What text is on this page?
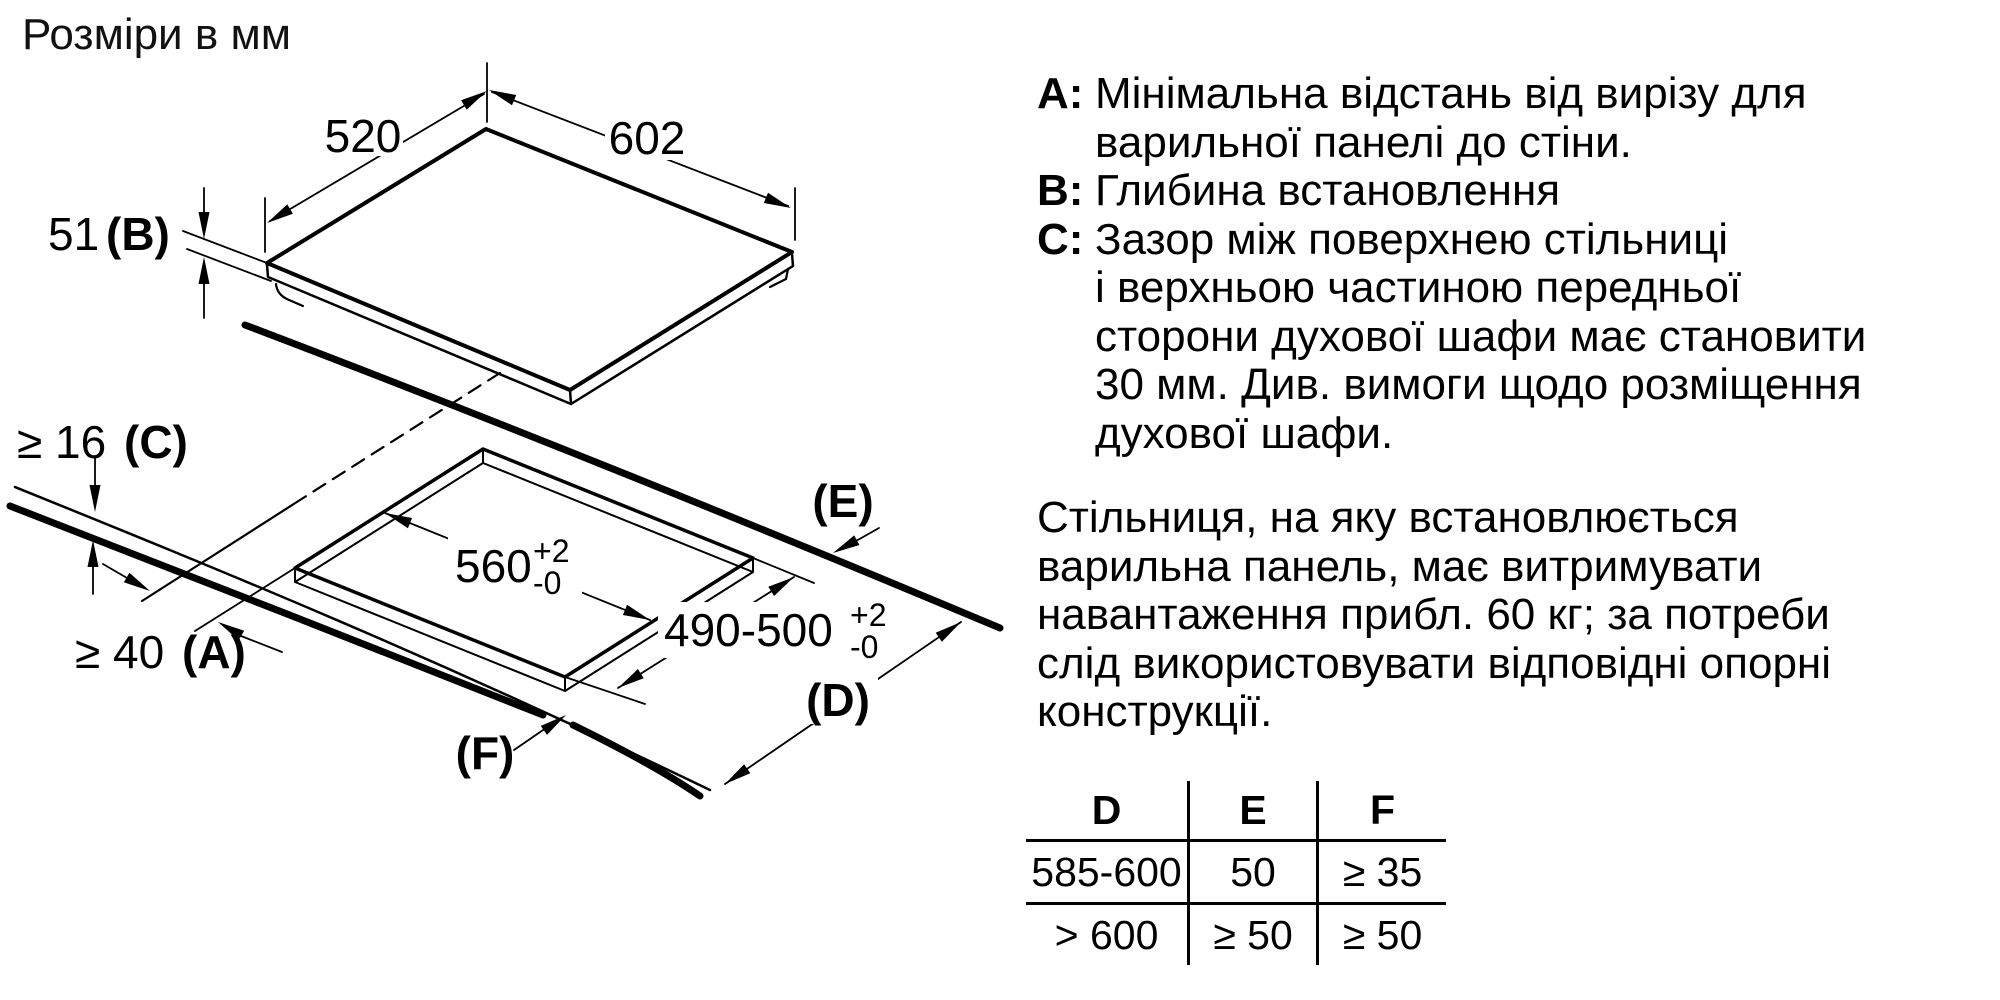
Розміри в мм
602
520
51 (B)
≥ 16 (C)
≥ 40 (A)
560 +2
-0
490-500 +2
-0
(E)
(D)
(F)
A: Мінімальна відстань від вирізу для
варильної панелі до стіни.
B: Глибина встановлення
C: Зазор між поверхнею стільниці
і верхньою частиною передньої
сторони духової шафи має становити
30 мм. Див. вимоги щодо розміщення
духової шафи.
Стільниця, на яку встановлюється
варильна панель, має витримувати
навантаження прибл. 60 кг; за потреби
слід використовувати відповідні опорні
конструкції.
D	E	F
585-600	50	≥ 35
> 600	≥ 50	≥ 50
